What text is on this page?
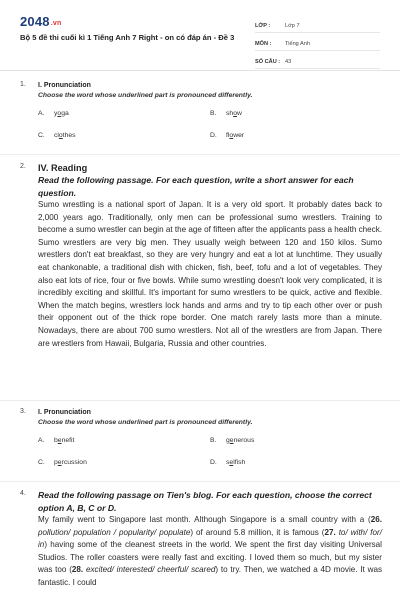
2048.vn
Bộ 5 đề thi cuối kì 1 Tiếng Anh 7 Right - on có đáp án - Đề 3
LỚP :	Lớp 7
MÔN :	Tiếng Anh
SỐ CÂU : 43
1. I. Pronunciation
Choose the word whose underlined part is pronounced differently.
A. yoga	B. show
C. clothes	D. flower
2. IV. Reading
Read the following passage. For each question, write a short answer for each question.
Sumo wrestling is a national sport of Japan. It is a very old sport. It probably dates back to 2,000 years ago. Traditionally, only men can be professional sumo wrestlers. Training to become a sumo wrestler can begin at the age of fifteen after the applicants pass a health check. Sumo wrestlers are very big men. They usually weigh between 120 and 150 kilos. Sumo wrestlers don't eat breakfast, so they are very hungry and eat a lot at lunchtime. They usually eat chankonable, a traditional dish with chicken, fish, beef, tofu and a lot of vegetables. They also eat lots of rice, four or five bowls. While sumo wrestling doesn't look very complicated, it is incredibly exciting and skillful. It's important for sumo wrestlers to be quick, active and flexible. When the match begins, wrestlers lock hands and arms and try to tip each other over or push their opponent out of the thick rope border. One match rarely lasts more than a minute. Nowadays, there are about 700 sumo wrestlers. Not all of the wrestlers are from Japan. There are wrestlers from Hawaii, Bulgaria, Russia and other countries.
3. I. Pronunciation
Choose the word whose underlined part is pronounced differently.
A. benefit	B. generous
C. percussion	D. selfish
4. Read the following passage on Tien's blog. For each question, choose the correct option A, B, C or D.
My family went to Singapore last month. Although Singapore is a small country with a (26. pollution/ population / popularity/ populate) of around 5.8 million, it is famous (27. to/ with/ for/ in) having some of the cleanest streets in the world. We spent the first day visiting Universal Studios. The roller coasters were really fast and exciting. I loved them so much, but my sister was too (28. excited/ interested/ cheerful/ scared) to try. Then, we watched a 4D movie. It was fantastic. I could
